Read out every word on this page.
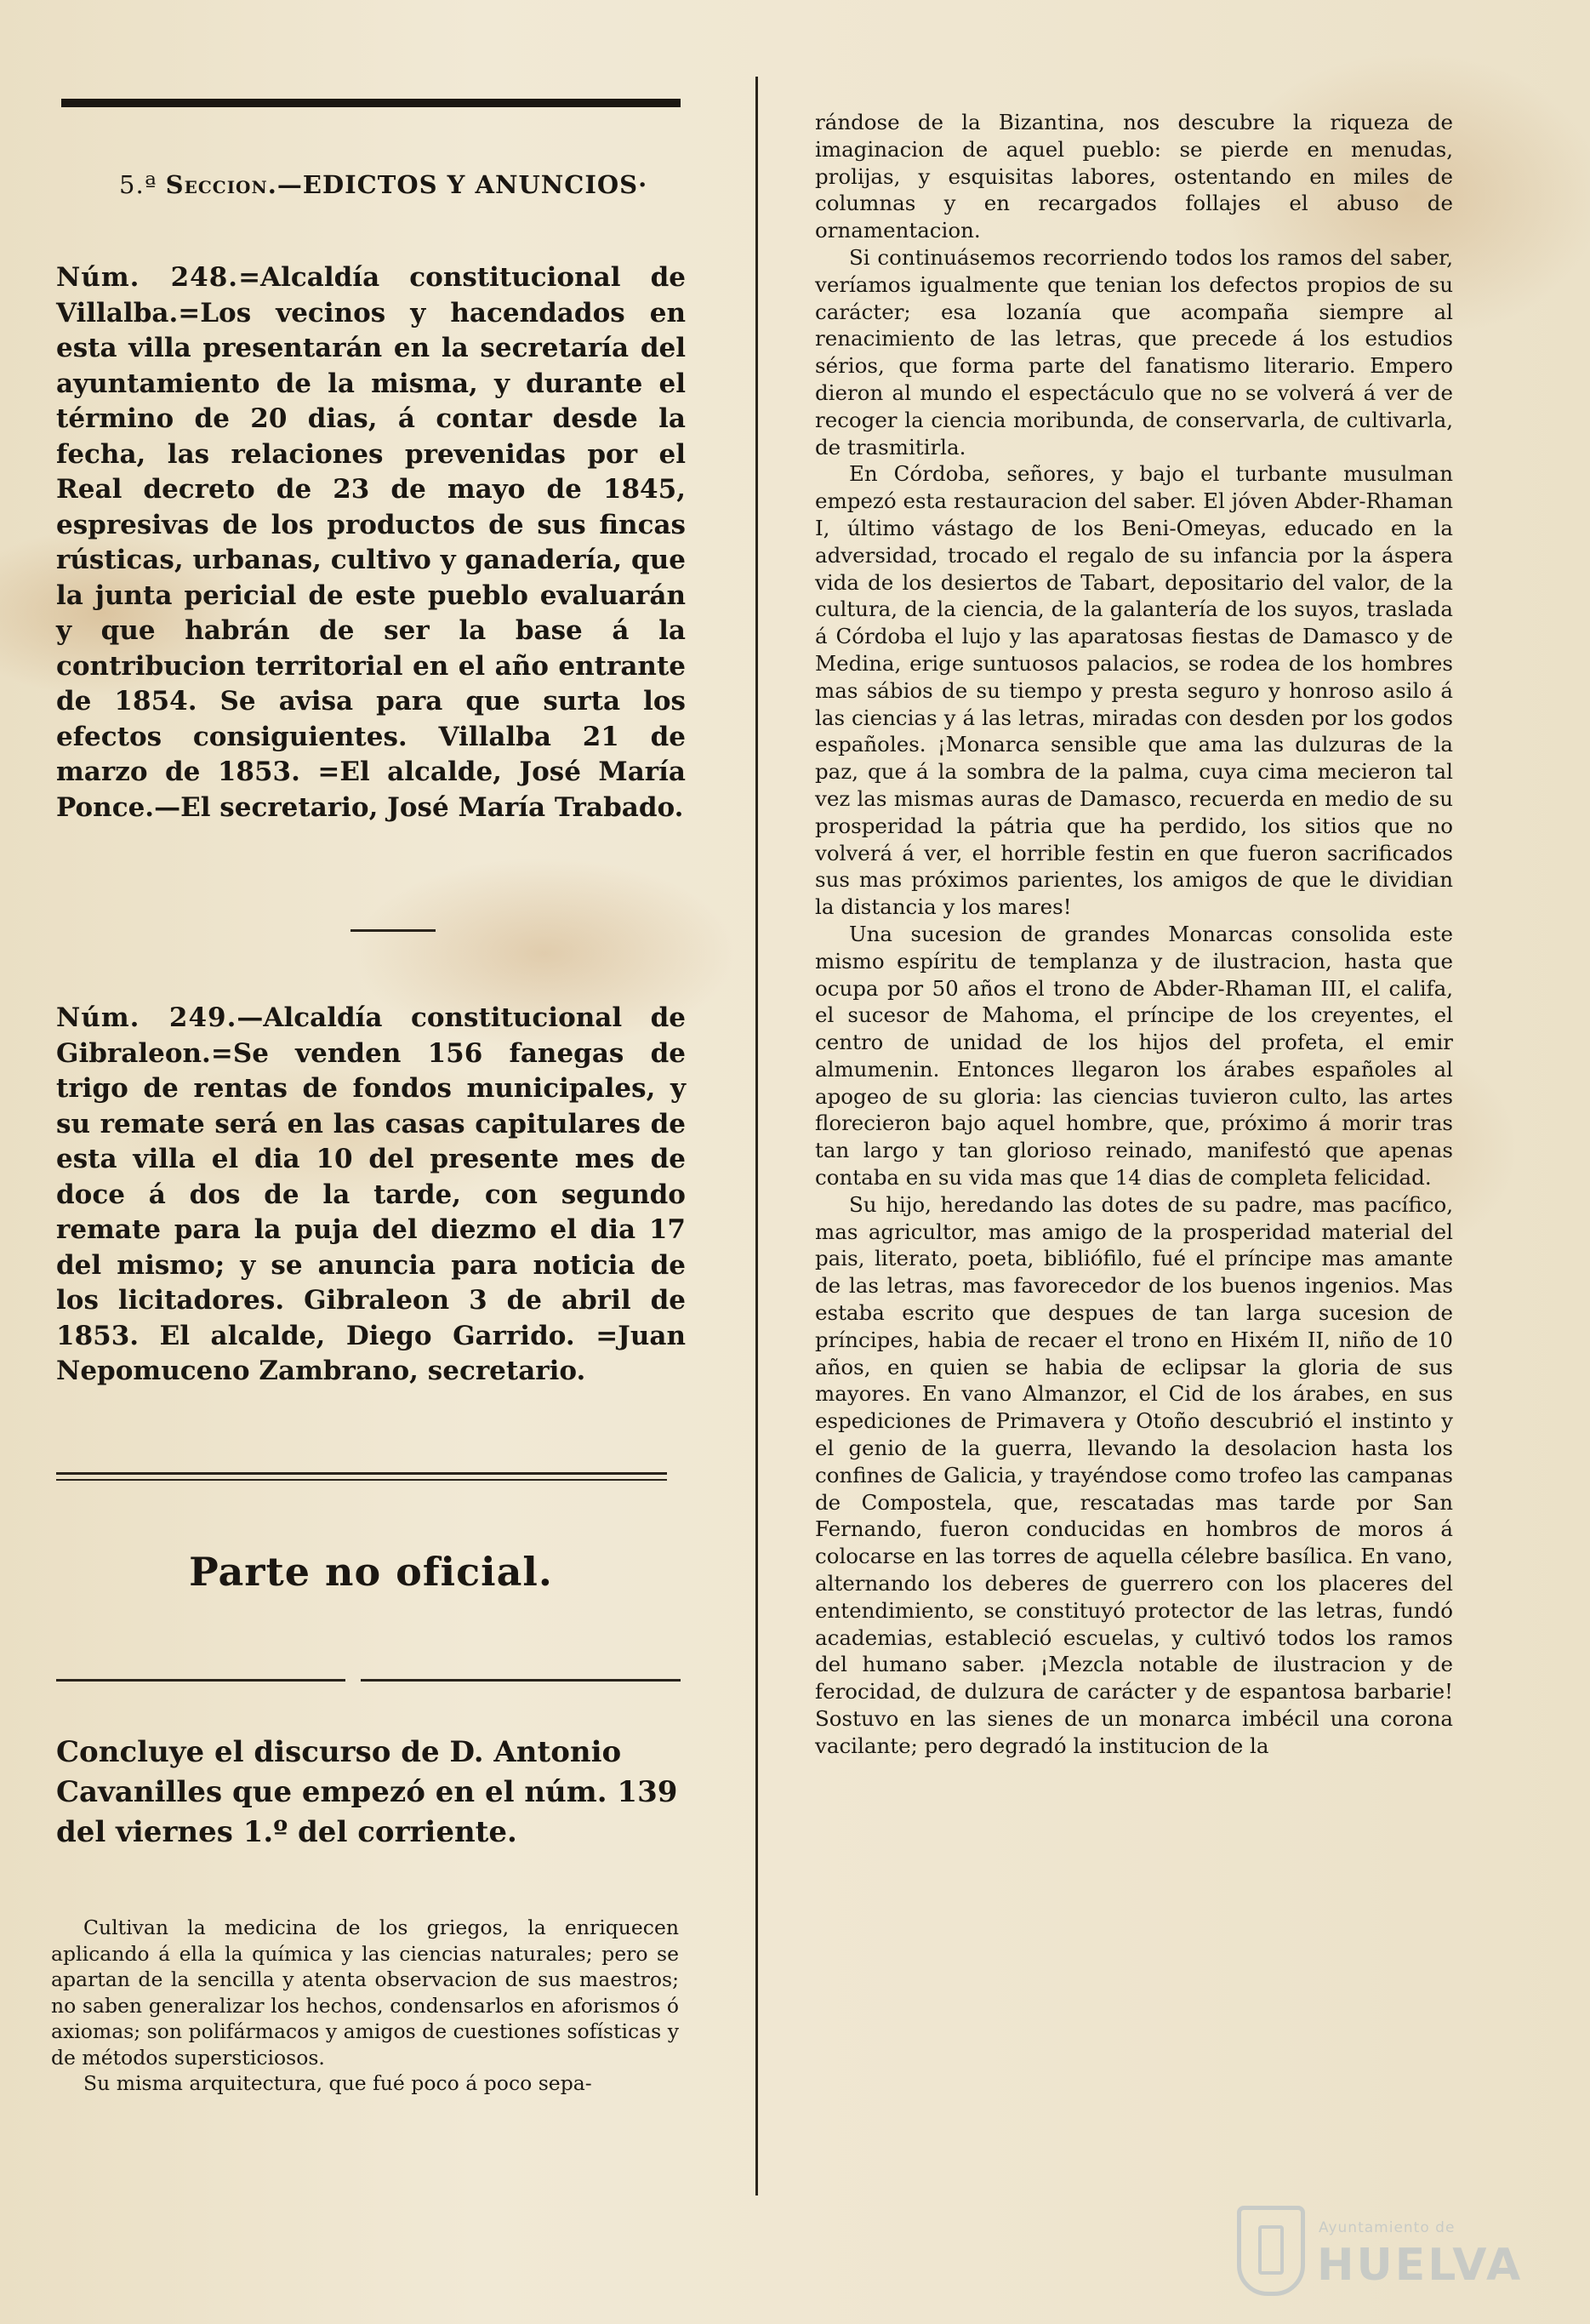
5.ª Seccion.—EDICTOS Y ANUNCIOS·
Núm. 248.=Alcaldía constitucional de Villalba.=Los vecinos y hacendados en esta villa presentarán en la secretaría del ayuntamiento de la misma, y durante el término de 20 dias, á contar desde la fecha, las relaciones prevenidas por el Real decreto de 23 de mayo de 1845, espresivas de los productos de sus fincas rústicas, urbanas, cultivo y ganadería, que la junta pericial de este pueblo evaluarán y que habrán de ser la base á la contribucion territorial en el año entrante de 1854. Se avisa para que surta los efectos consiguientes. Villalba 21 de marzo de 1853. =El alcalde, José María Ponce.—El secretario, José María Trabado.
Núm. 249.—Alcaldía constitucional de Gibraleon.=Se venden 156 fanegas de trigo de rentas de fondos municipales, y su remate será en las casas capitulares de esta villa el dia 10 del presente mes de doce á dos de la tarde, con segundo remate para la puja del diezmo el dia 17 del mismo; y se anuncia para noticia de los licitadores. Gibraleon 3 de abril de 1853. El alcalde, Diego Garrido. =Juan Nepomuceno Zambrano, secretario.
Parte no oficial.
Concluye el discurso de D. Antonio Cavanilles que empezó en el núm. 139 del viernes 1.º del corriente.

Cultivan la medicina de los griegos, la enriquecen aplicando á ella la química y las ciencias naturales; pero se apartan de la sencilla y atenta observacion de sus maestros; no saben generalizar los hechos, condensarlos en aforismos ó axiomas; son polifármacos y amigos de cuestiones sofísticas y de métodos supersticiosos.

Su misma arquitectura, que fué poco á poco sepa-

rándose de la Bizantina, nos descubre la riqueza de imaginacion de aquel pueblo: se pierde en menudas, prolijas, y esquisitas labores, ostentando en miles de columnas y en recargados follajes el abuso de ornamentacion.

Si continuásemos recorriendo todos los ramos del saber, veríamos igualmente que tenian los defectos propios de su carácter; esa lozanía que acompaña siempre al renacimiento de las letras, que precede á los estudios sérios, que forma parte del fanatismo literario. Empero dieron al mundo el espectáculo que no se volverá á ver de recoger la ciencia moribunda, de conservarla, de cultivarla, de trasmitirla.

En Córdoba, señores, y bajo el turbante musulman empezó esta restauracion del saber. El jóven Abder-Rhaman I, último vástago de los Beni-Omeyas, educado en la adversidad, trocado el regalo de su infancia por la áspera vida de los desiertos de Tabart, depositario del valor, de la cultura, de la ciencia, de la galantería de los suyos, traslada á Córdoba el lujo y las aparatosas fiestas de Damasco y de Medina, erige suntuosos palacios, se rodea de los hombres mas sábios de su tiempo y presta seguro y honroso asilo á las ciencias y á las letras, miradas con desden por los godos españoles. ¡Monarca sensible que ama las dulzuras de la paz, que á la sombra de la palma, cuya cima mecieron tal vez las mismas auras de Damasco, recuerda en medio de su prosperidad la pátria que ha perdido, los sitios que no volverá á ver, el horrible festin en que fueron sacrificados sus mas próximos parientes, los amigos de que le dividian la distancia y los mares!

Una sucesion de grandes Monarcas consolida este mismo espíritu de templanza y de ilustracion, hasta que ocupa por 50 años el trono de Abder-Rhaman III, el califa, el sucesor de Mahoma, el príncipe de los creyentes, el centro de unidad de los hijos del profeta, el emir almumenin. Entonces llegaron los árabes españoles al apogeo de su gloria: las ciencias tuvieron culto, las artes florecieron bajo aquel hombre, que, próximo á morir tras tan largo y tan glorioso reinado, manifestó que apenas contaba en su vida mas que 14 dias de completa felicidad.

Su hijo, heredando las dotes de su padre, mas pacífico, mas agricultor, mas amigo de la prosperidad material del pais, literato, poeta, bibliófilo, fué el príncipe mas amante de las letras, mas favorecedor de los buenos ingenios. Mas estaba escrito que despues de tan larga sucesion de príncipes, habia de recaer el trono en Hixém II, niño de 10 años, en quien se habia de eclipsar la gloria de sus mayores. En vano Almanzor, el Cid de los árabes, en sus espediciones de Primavera y Otoño descubrió el instinto y el genio de la guerra, llevando la desolacion hasta los confines de Galicia, y trayéndose como trofeo las campanas de Compostela, que, rescatadas mas tarde por San Fernando, fueron conducidas en hombros de moros á colocarse en las torres de aquella célebre basílica. En vano, alternando los deberes de guerrero con los placeres del entendimiento, se constituyó protector de las letras, fundó academias, estableció escuelas, y cultivó todos los ramos del humano saber. ¡Mezcla notable de ilustracion y de ferocidad, de dulzura de carácter y de espantosa barbarie! Sostuvo en las sienes de un monarca imbécil una corona vacilante; pero degradó la institucion de la

Ayuntamiento de
HUELVA
